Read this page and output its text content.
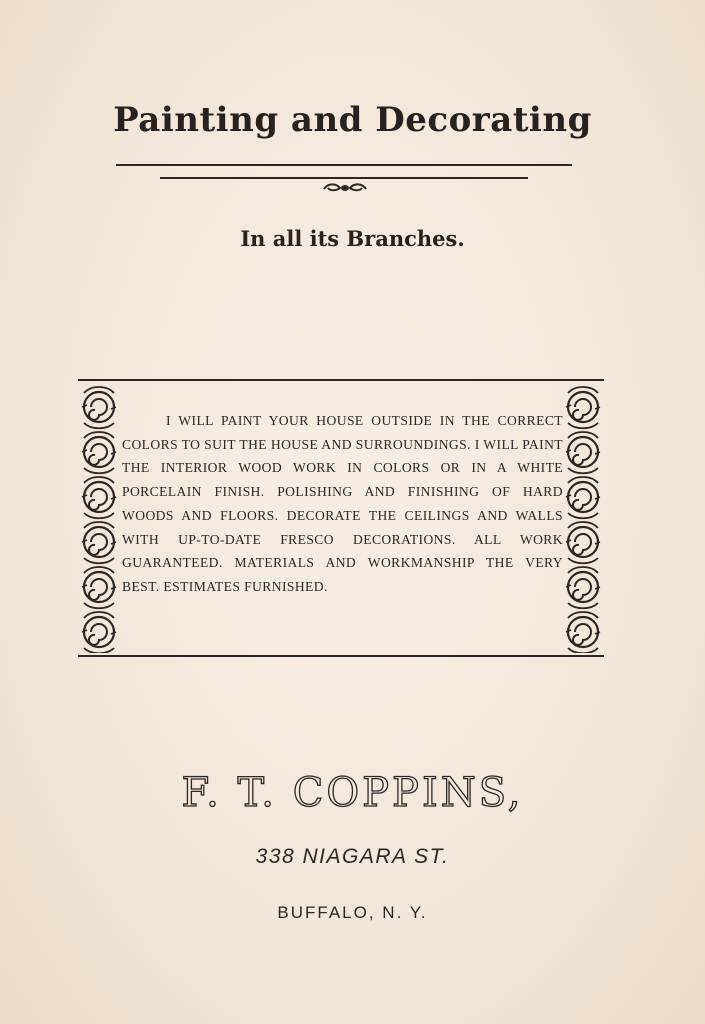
Painting and Decorating
In all its Branches.
I WILL PAINT YOUR HOUSE OUTSIDE IN THE CORRECT COLORS TO SUIT THE HOUSE AND SURROUNDINGS. I WILL PAINT THE INTERIOR WOOD WORK IN COLORS OR IN A WHITE PORCELAIN FINISH. POLISHING AND FINISHING OF HARD WOODS AND FLOORS. DECORATE THE CEILINGS AND WALLS WITH UP-TO-DATE FRESCO DECORATIONS. ALL WORK GUARANTEED. MATERIALS AND WORKMANSHIP THE VERY BEST. ESTIMATES FURNISHED.
F. T. COPPINS,
338 NIAGARA ST.
BUFFALO, N. Y.
